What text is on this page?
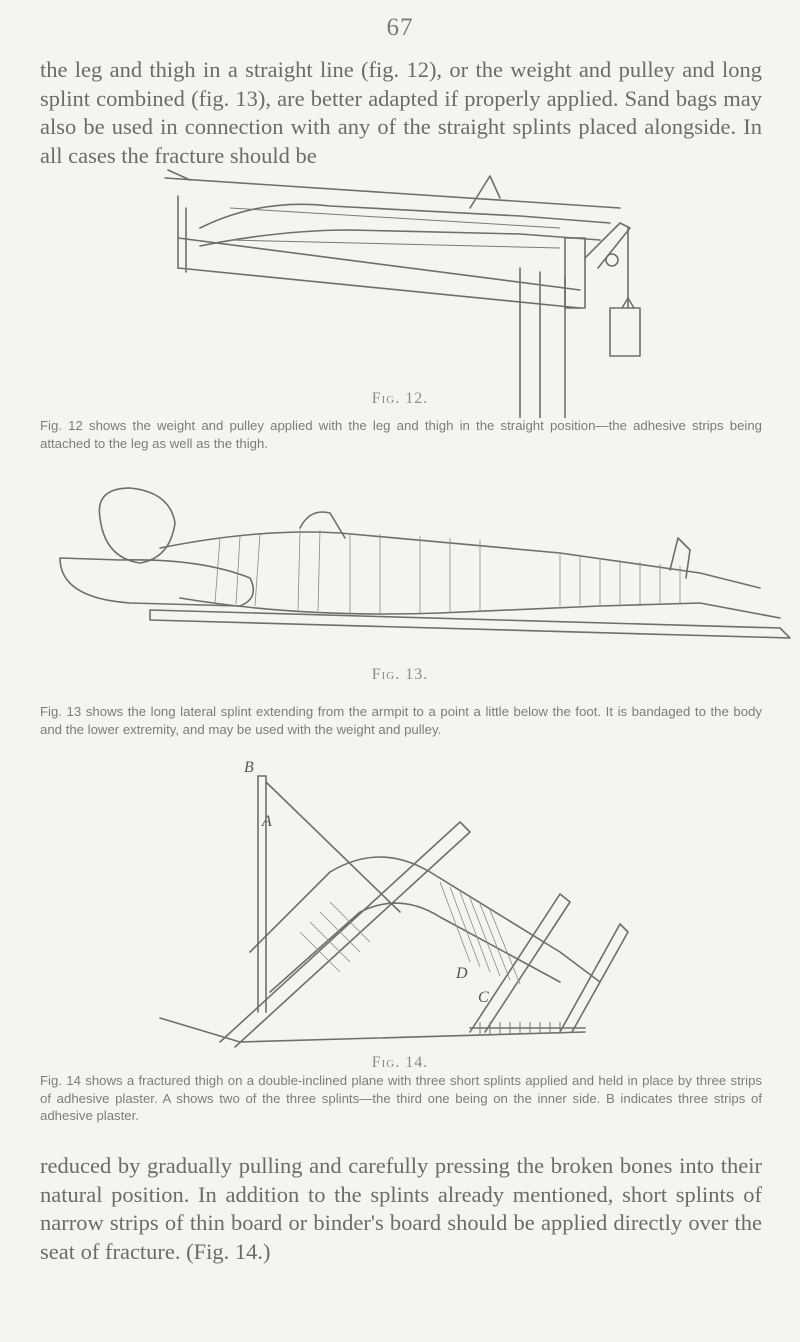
67

the leg and thigh in a straight line (fig. 12), or the weight and pulley and long splint combined (fig. 13), are better adapted if properly applied. Sand bags may also be used in connection with any of the straight splints placed alongside. In all cases the fracture should be

Fig. 12.

Fig. 12 shows the weight and pulley applied with the leg and thigh in the straight position—the adhesive strips being attached to the leg as well as the thigh.

Fig. 13.

Fig. 13 shows the long lateral splint extending from the armpit to a point a little below the foot. It is bandaged to the body and the lower extremity, and may be used with the weight and pulley.

B
A
D
C
Fig. 14.

Fig. 14 shows a fractured thigh on a double-inclined plane with three short splints applied and held in place by three strips of adhesive plaster. A shows two of the three splints—the third one being on the inner side. B indicates three strips of adhesive plaster.

reduced by gradually pulling and carefully pressing the broken bones into their natural position. In addition to the splints already mentioned, short splints of narrow strips of thin board or binder's board should be applied directly over the seat of fracture. (Fig. 14.)
